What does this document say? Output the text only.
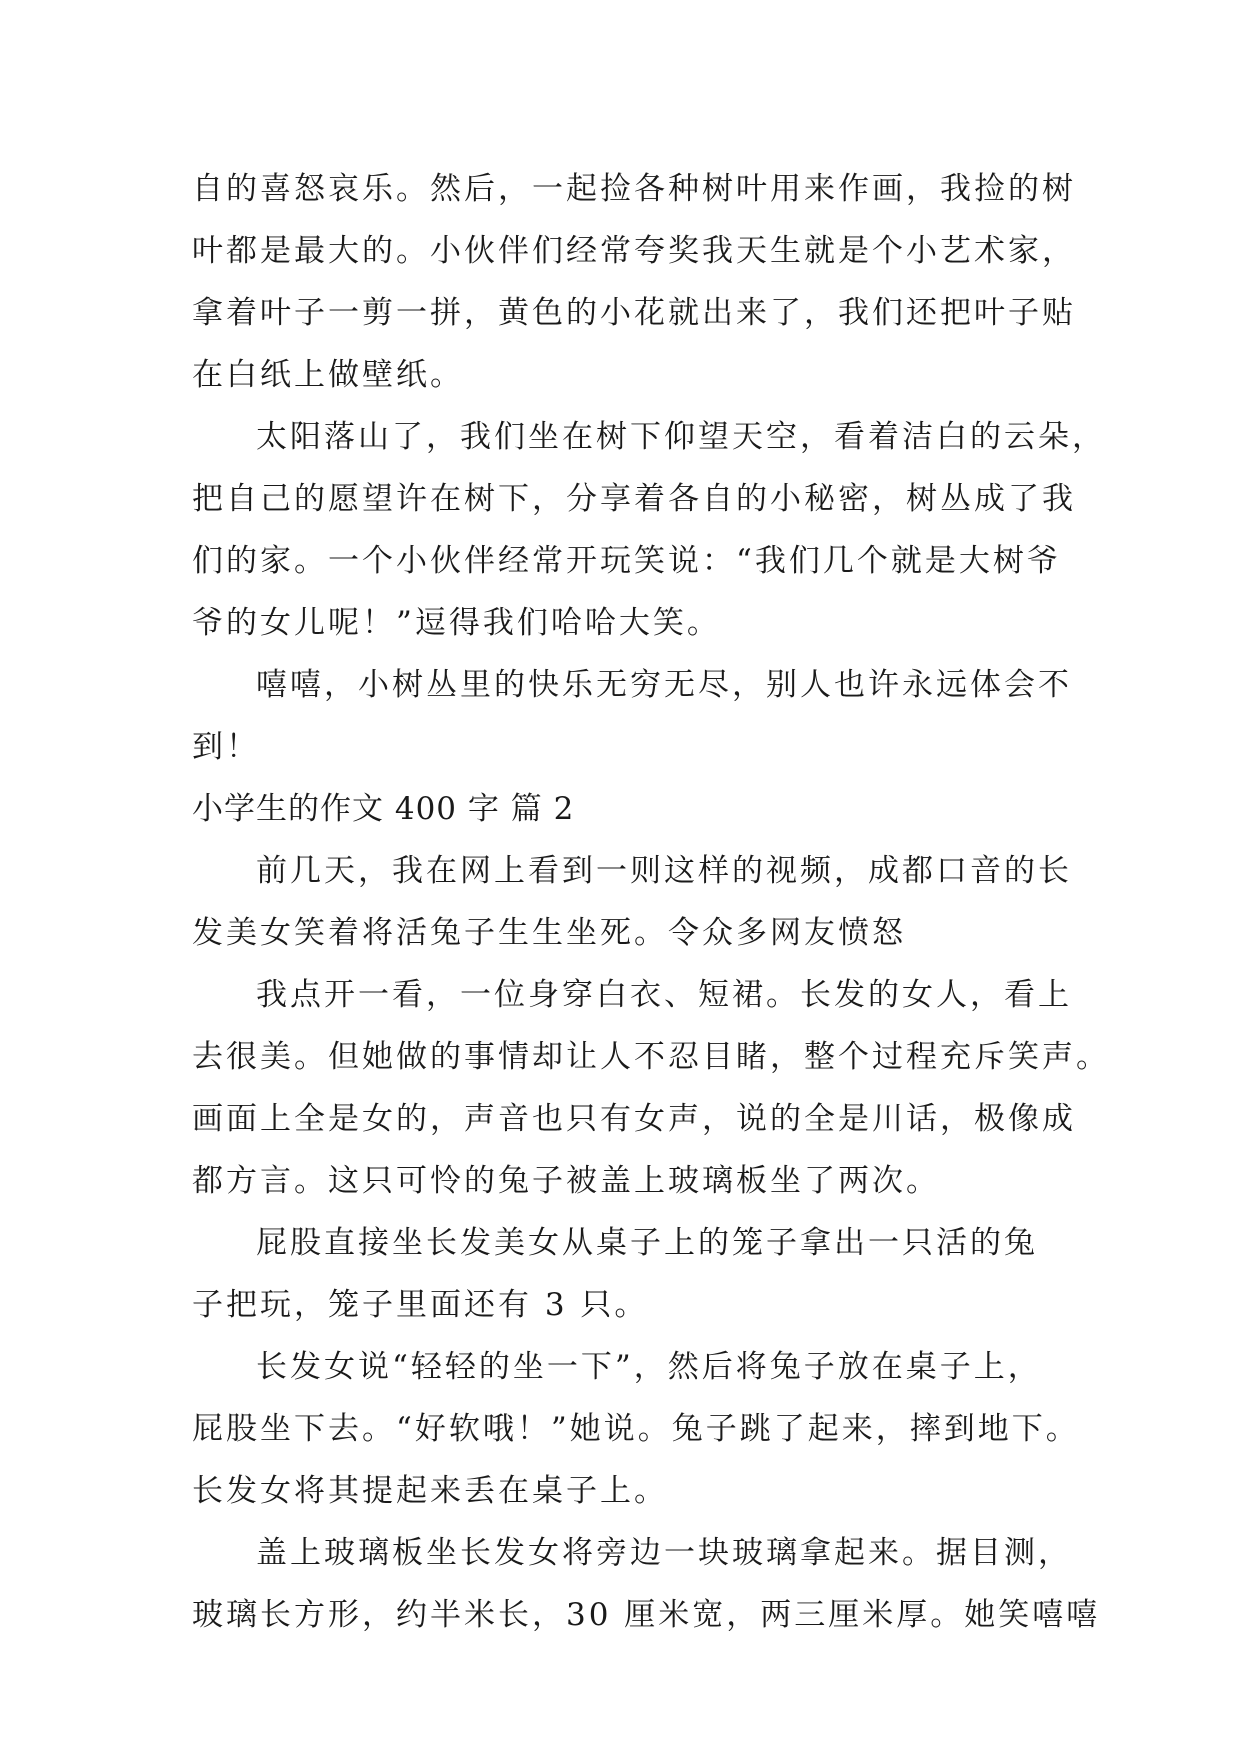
自的喜怒哀乐。然后，一起捡各种树叶用来作画，我捡的树
叶都是最大的。小伙伴们经常夸奖我天生就是个小艺术家，
拿着叶子一剪一拼，黄色的小花就出来了，我们还把叶子贴
在白纸上做壁纸。
太阳落山了，我们坐在树下仰望天空，看着洁白的云朵，
把自己的愿望许在树下，分享着各自的小秘密，树丛成了我
们的家。一个小伙伴经常开玩笑说：“我们几个就是大树爷
爷的女儿呢！”逗得我们哈哈大笑。
嘻嘻，小树丛里的快乐无穷无尽，别人也许永远体会不
到！
小学生的作文 400 字 篇 2
前几天，我在网上看到一则这样的视频，成都口音的长
发美女笑着将活兔子生生坐死。令众多网友愤怒
我点开一看，一位身穿白衣、短裙。长发的女人，看上
去很美。但她做的事情却让人不忍目睹，整个过程充斥笑声。
画面上全是女的，声音也只有女声，说的全是川话，极像成
都方言。这只可怜的兔子被盖上玻璃板坐了两次。
屁股直接坐长发美女从桌子上的笼子拿出一只活的兔
子把玩，笼子里面还有 3 只。
长发女说“轻轻的坐一下”，然后将兔子放在桌子上，
屁股坐下去。“好软哦！”她说。兔子跳了起来，摔到地下。
长发女将其提起来丢在桌子上。
盖上玻璃板坐长发女将旁边一块玻璃拿起来。据目测，
玻璃长方形，约半米长，30 厘米宽，两三厘米厚。她笑嘻嘻
